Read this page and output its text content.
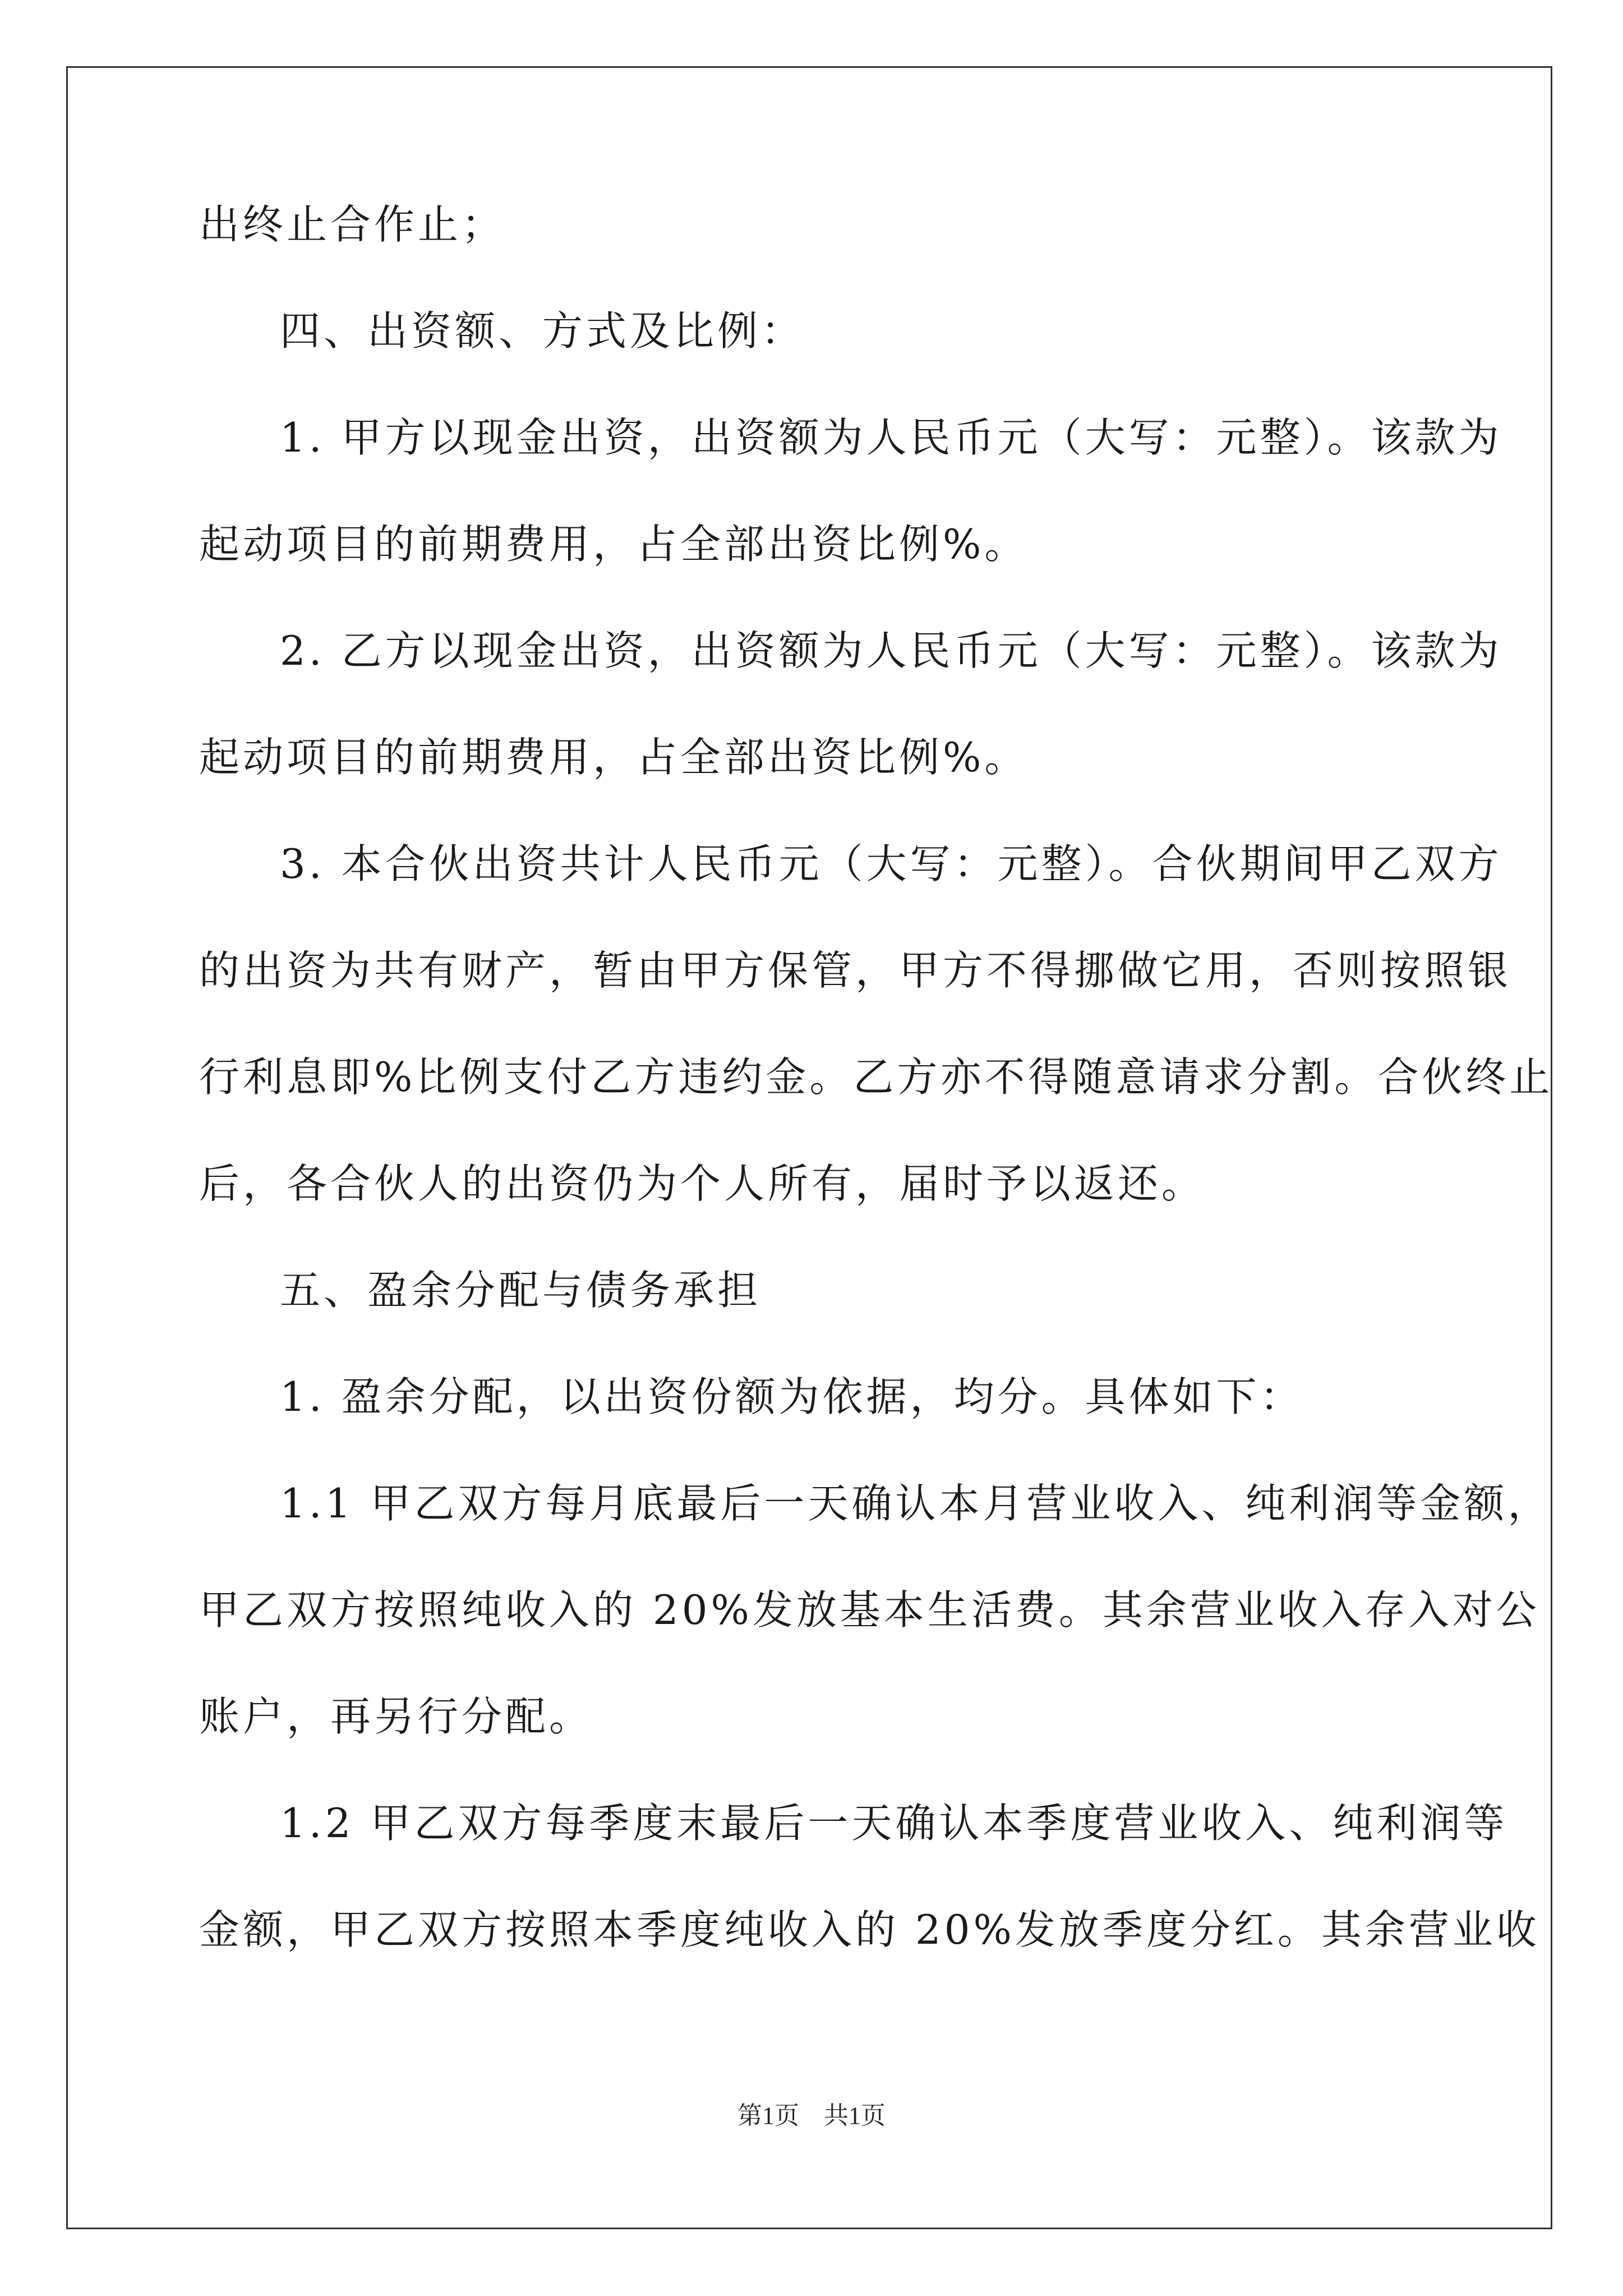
出终止合作止；
四、出资额、方式及比例：
1. 甲方以现金出资，出资额为人民币元（大写：元整）。该款为
起动项目的前期费用，占全部出资比例%。
2. 乙方以现金出资，出资额为人民币元（大写：元整）。该款为
起动项目的前期费用，占全部出资比例%。
3. 本合伙出资共计人民币元（大写：元整）。合伙期间甲乙双方
的出资为共有财产，暂由甲方保管，甲方不得挪做它用，否则按照银
行利息即%比例支付乙方违约金。乙方亦不得随意请求分割。合伙终止
后，各合伙人的出资仍为个人所有，届时予以返还。
五、盈余分配与债务承担
1. 盈余分配，以出资份额为依据，均分。具体如下：
1.1 甲乙双方每月底最后一天确认本月营业收入、纯利润等金额，
甲乙双方按照纯收入的 20%发放基本生活费。其余营业收入存入对公
账户，再另行分配。
1.2 甲乙双方每季度末最后一天确认本季度营业收入、纯利润等
金额，甲乙双方按照本季度纯收入的 20%发放季度分红。其余营业收
第1页　共1页
